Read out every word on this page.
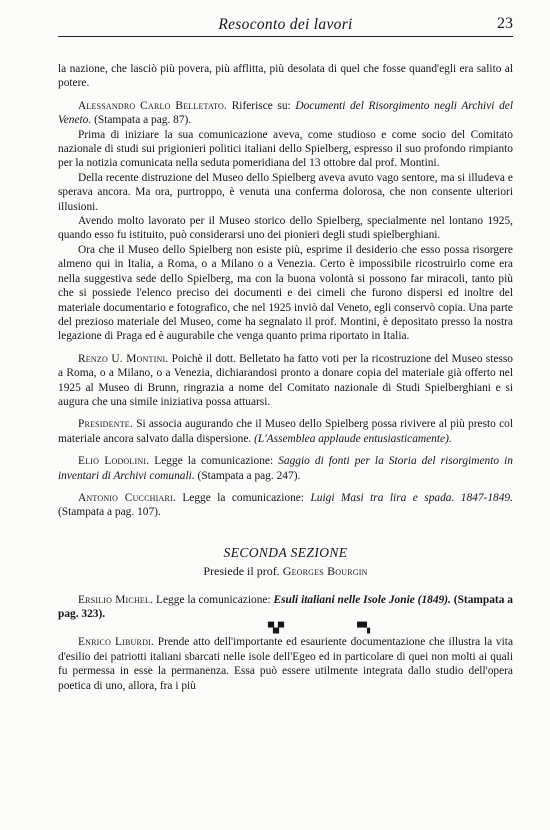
Resoconto dei lavori	23

la nazione, che lasciò più povera, più afflitta, più desolata di quel che fosse quand'egli era salito al potere.

Alessandro Carlo Belletato. Riferisce su: Documenti del Risorgimento negli Archivi del Veneto. (Stampata a pag. 87).

Prima di iniziare la sua comunicazione aveva, come studioso e come socio del Comitato nazionale di studi sui prigionieri politici italiani dello Spielberg, espresso il suo profondo rimpianto per la notizia comunicata nella seduta pomeridiana del 13 ottobre dal prof. Montini.

Della recente distruzione del Museo dello Spielberg aveva avuto vago sentore, ma si illudeva e sperava ancora. Ma ora, purtroppo, è venuta una conferma dolorosa, che non consente ulteriori illusioni.

Avendo molto lavorato per il Museo storico dello Spielberg, specialmente nel lontano 1925, quando esso fu istituito, può considerarsi uno dei pionieri degli studi spielberghiani.

Ora che il Museo dello Spielberg non esiste più, esprime il desiderio che esso possa risorgere almeno qui in Italia, a Roma, o a Milano o a Venezia. Certo è impossibile ricostruirlo come era nella suggestiva sede dello Spielberg, ma con la buona volontà si possono far miracoli, tanto più che si possiede l'elenco preciso dei documenti e dei cimeli che furono dispersi ed inoltre del materiale documentario e fotografico, che nel 1925 inviò dal Veneto, egli conservò copia. Una parte del prezioso materiale del Museo, come ha segnalato il prof. Montini, è depositato presso la nostra legazione di Praga ed è augurabile che venga quanto prima riportato in Italia.

Renzo U. Montini. Poichè il dott. Belletato ha fatto voti per la ricostruzione del Museo stesso a Roma, o a Milano, o a Venezia, dichiarandosi pronto a donare copia del materiale già offerto nel 1925 al Museo di Brunn, ringrazia a nome del Comitato nazionale di Studi Spielberghiani e si augura che una simile iniziativa possa attuarsi.

Presidente. Si associa augurando che il Museo dello Spielberg possa rivivere al più presto col materiale ancora salvato dalla dispersione. (L'Assemblea applaude entusiasticamente).

Elio Lodolini. Legge la comunicazione: Saggio di fonti per la Storia del risorgimento in inventari di Archivi comunali. (Stampata a pag. 247).

Antonio Cucchiari. Legge la comunicazione: Luigi Masi tra lira e spada. 1847-1849. (Stampata a pag. 107).

SECONDA SEZIONE
Presiede il prof. Georges Bourgin

Ersilio Michel. Legge la comunicazione: Esuli italiani nelle Isole Jonie (1849). (Stampata a pag. 323).

▀▄▀	▝▀▚

Enrico Liburdi. Prende atto dell'importante ed esauriente documentazione che illustra la vita d'esilio dei patriotti italiani sbarcati nelle isole dell'Egeo ed in particolare di quei non molti ai quali fu permessa in esse la permanenza. Essa può essere utilmente integrata dallo studio dell'opera poetica di uno, allora, fra i più
